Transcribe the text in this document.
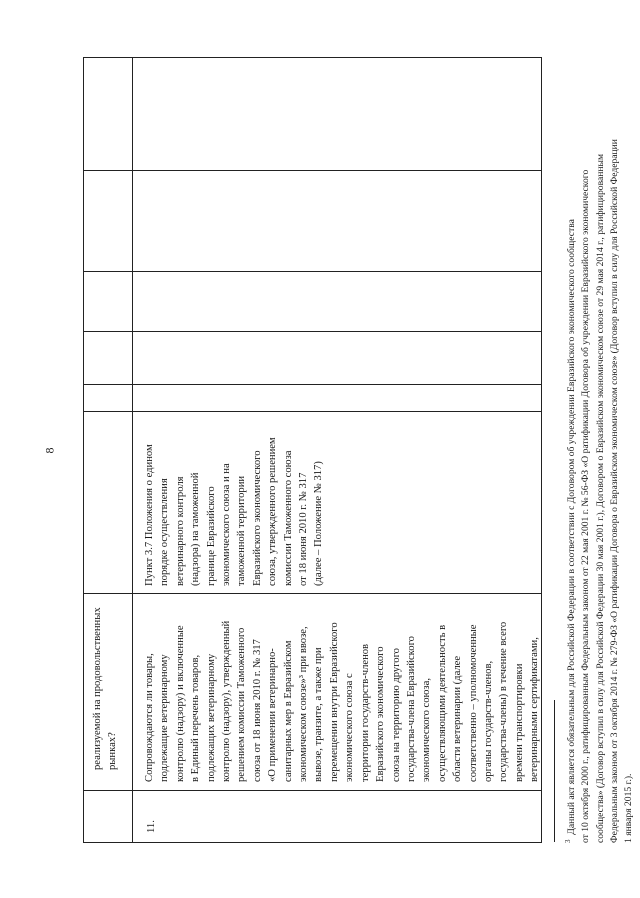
8
реализуемой на продовольственных рынках?
11.
Сопровождаются ли товары, подлежащие ветеринарному контролю (надзору) и включенные в Единый перечень товаров, подлежащих ветеринарному контролю (надзору), утвержденный решением комиссии Таможенного союза от 18 июня 2010 г. № 317 «О применении ветеринарно- санитарных мер в Евразийском экономическом союзе»³ при ввозе, вывозе, транзите, а также при перемещении внутри Евразийского экономического союза с территории государств-членов Евразийского экономического союза на территорию другого государства-члена Евразийского экономического союза, осуществляющими деятельность в области ветеринарии (далее соответственно – уполномоченные органы государств-членов, государства-члены) в течение всего времени транспортировки ветеринарными сертификатами,
Пункт 3.7 Положения о едином порядке осуществления ветеринарного контроля (надзора) на таможенной границе Евразийского экономического союза и на таможенной территории Евразийского экономического союза, утвержденного решением комиссии Таможенного союза от 18 июня 2010 г. № 317 (далее – Положение № 317)
$^3$  Данный акт является обязательным для Российской Федерации в соответствии с Договором об учреждении Евразийского экономического сообщества от 10 октября 2000 г., ратифицированным Федеральным законом от 22 мая 2001 г. № 56-ФЗ «О ратификации Договора об учреждении Евразийского экономического сообщества» (Договор вступил в силу для Российской Федерации 30 мая 2001 г.), Договором о Евразийском экономическом союзе от 29 мая 2014 г., ратифицированным Федеральным законом от 3 октября 2014 г. № 279-ФЗ «О ратификации Договора о Евразийском экономическом союзе» (Договор вступил в силу для Российской Федерации 1 января 2015 г.).
